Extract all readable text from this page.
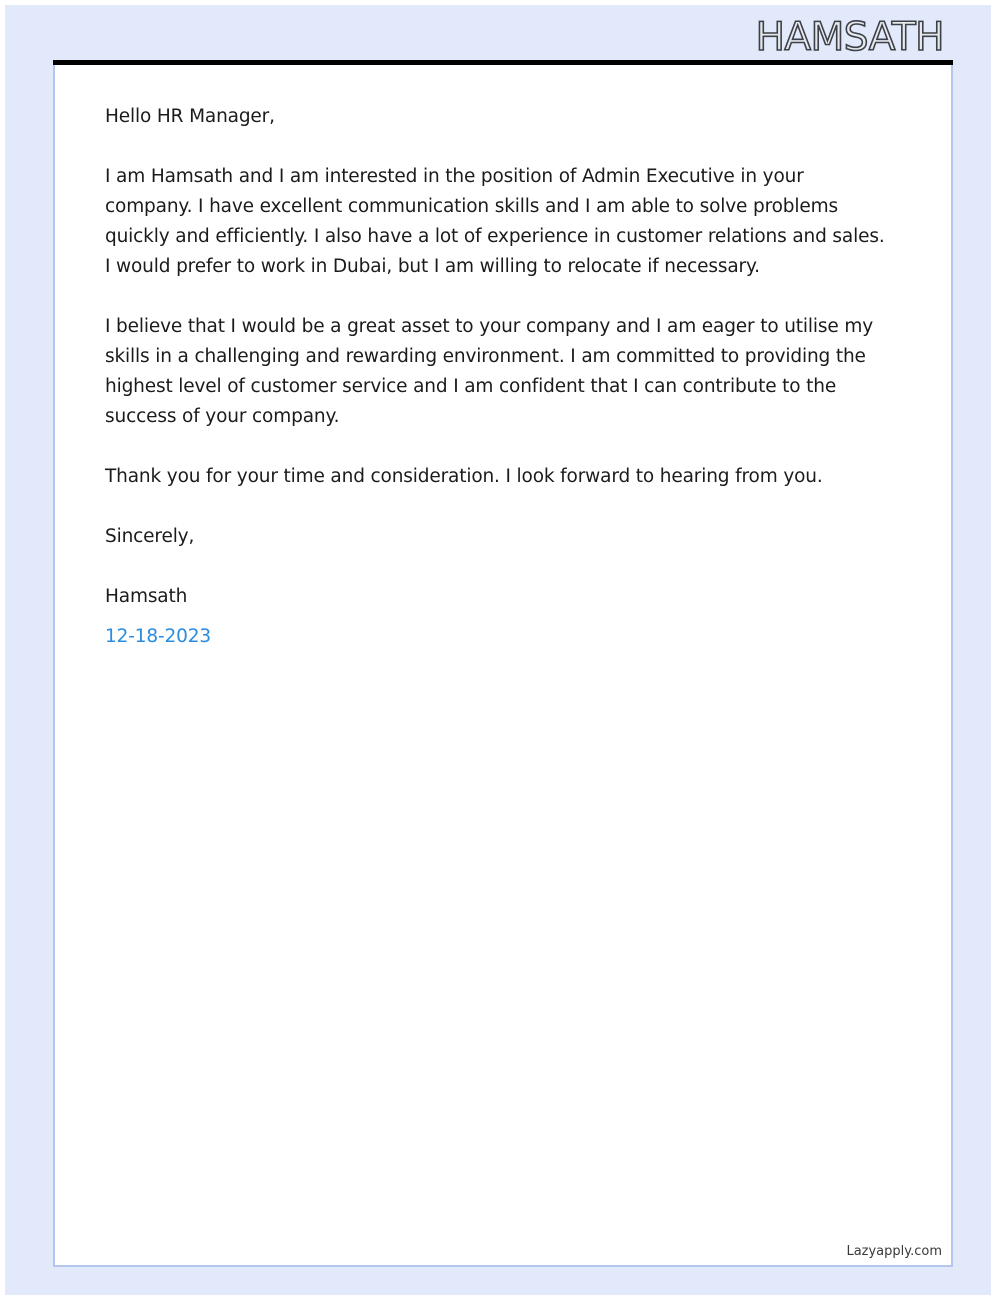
HAMSATH

Hello HR Manager,

I am Hamsath and I am interested in the position of Admin Executive in your company. I have excellent communication skills and I am able to solve problems quickly and efficiently. I also have a lot of experience in customer relations and sales. I would prefer to work in Dubai, but I am willing to relocate if necessary.

I believe that I would be a great asset to your company and I am eager to utilise my skills in a challenging and rewarding environment. I am committed to providing the highest level of customer service and I am confident that I can contribute to the success of your company.

Thank you for your time and consideration. I look forward to hearing from you.

Sincerely,

Hamsath

12-18-2023

Lazyapply.com
